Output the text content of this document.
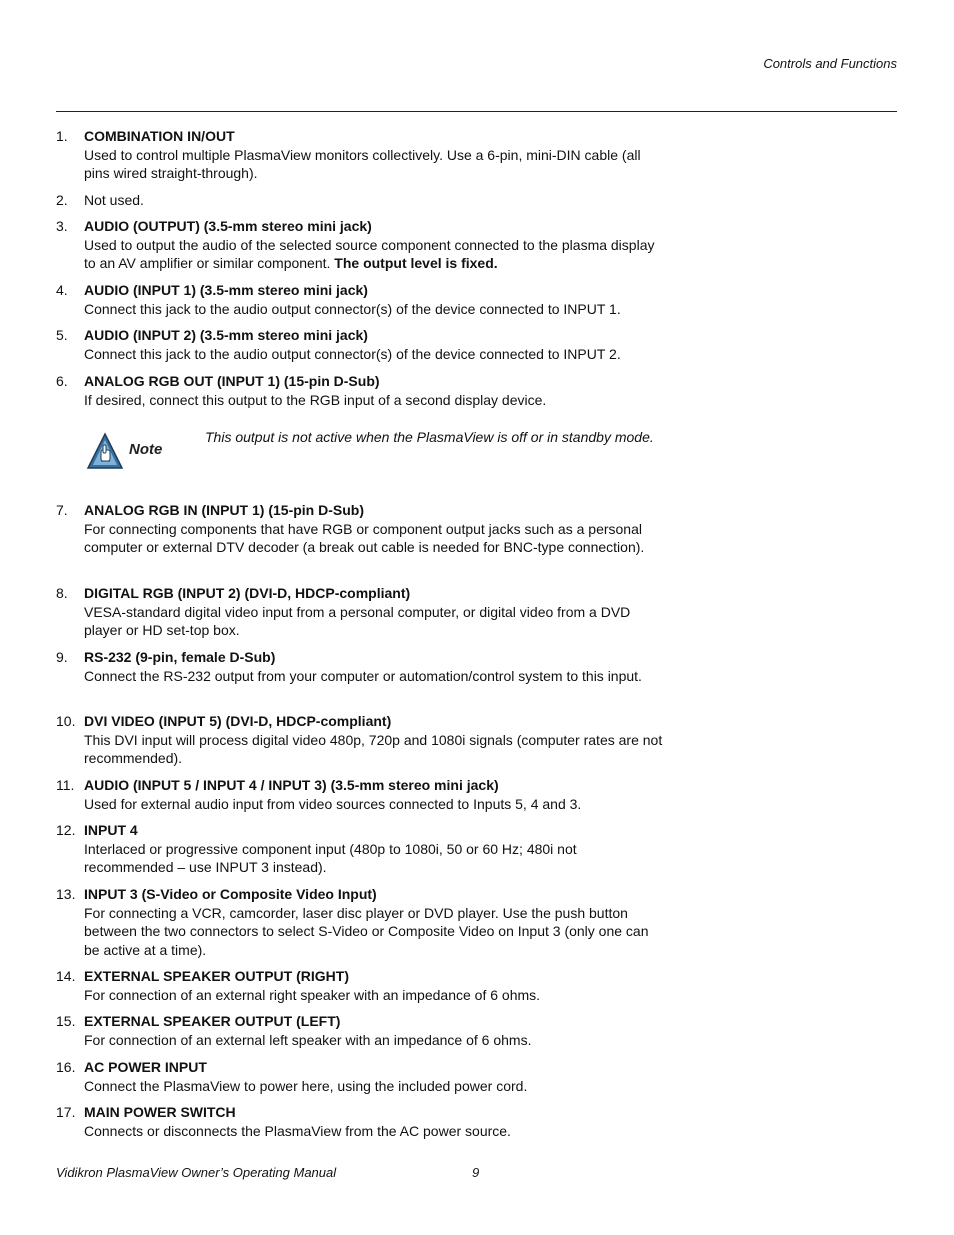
Controls and Functions
1. COMBINATION IN/OUT
Used to control multiple PlasmaView monitors collectively. Use a 6-pin, mini-DIN cable (all pins wired straight-through).
2. Not used.
3. AUDIO (OUTPUT) (3.5-mm stereo mini jack)
Used to output the audio of the selected source component connected to the plasma display to an AV amplifier or similar component. The output level is fixed.
4. AUDIO (INPUT 1) (3.5-mm stereo mini jack)
Connect this jack to the audio output connector(s) of the device connected to INPUT 1.
5. AUDIO (INPUT 2) (3.5-mm stereo mini jack)
Connect this jack to the audio output connector(s) of the device connected to INPUT 2.
6. ANALOG RGB OUT (INPUT 1) (15-pin D-Sub)
If desired, connect this output to the RGB input of a second display device.
Note
This output is not active when the PlasmaView is off or in standby mode.
7. ANALOG RGB IN (INPUT 1) (15-pin D-Sub)
For connecting components that have RGB or component output jacks such as a personal computer or external DTV decoder (a break out cable is needed for BNC-type connection).
8. DIGITAL RGB (INPUT 2) (DVI-D, HDCP-compliant)
VESA-standard digital video input from a personal computer, or digital video from a DVD player or HD set-top box.
9. RS-232 (9-pin, female D-Sub)
Connect the RS-232 output from your computer or automation/control system to this input.
10. DVI VIDEO (INPUT 5) (DVI-D, HDCP-compliant)
This DVI input will process digital video 480p, 720p and 1080i signals (computer rates are not recommended).
11. AUDIO (INPUT 5 / INPUT 4 / INPUT 3) (3.5-mm stereo mini jack)
Used for external audio input from video sources connected to Inputs 5, 4 and 3.
12. INPUT 4
Interlaced or progressive component input (480p to 1080i, 50 or 60 Hz; 480i not recommended – use INPUT 3 instead).
13. INPUT 3 (S-Video or Composite Video Input)
For connecting a VCR, camcorder, laser disc player or DVD player. Use the push button between the two connectors to select S-Video or Composite Video on Input 3 (only one can be active at a time).
14. EXTERNAL SPEAKER OUTPUT (RIGHT)
For connection of an external right speaker with an impedance of 6 ohms.
15. EXTERNAL SPEAKER OUTPUT (LEFT)
For connection of an external left speaker with an impedance of 6 ohms.
16. AC POWER INPUT
Connect the PlasmaView to power here, using the included power cord.
17. MAIN POWER SWITCH
Connects or disconnects the PlasmaView from the AC power source.
Vidikron PlasmaView Owner’s Operating Manual	9
